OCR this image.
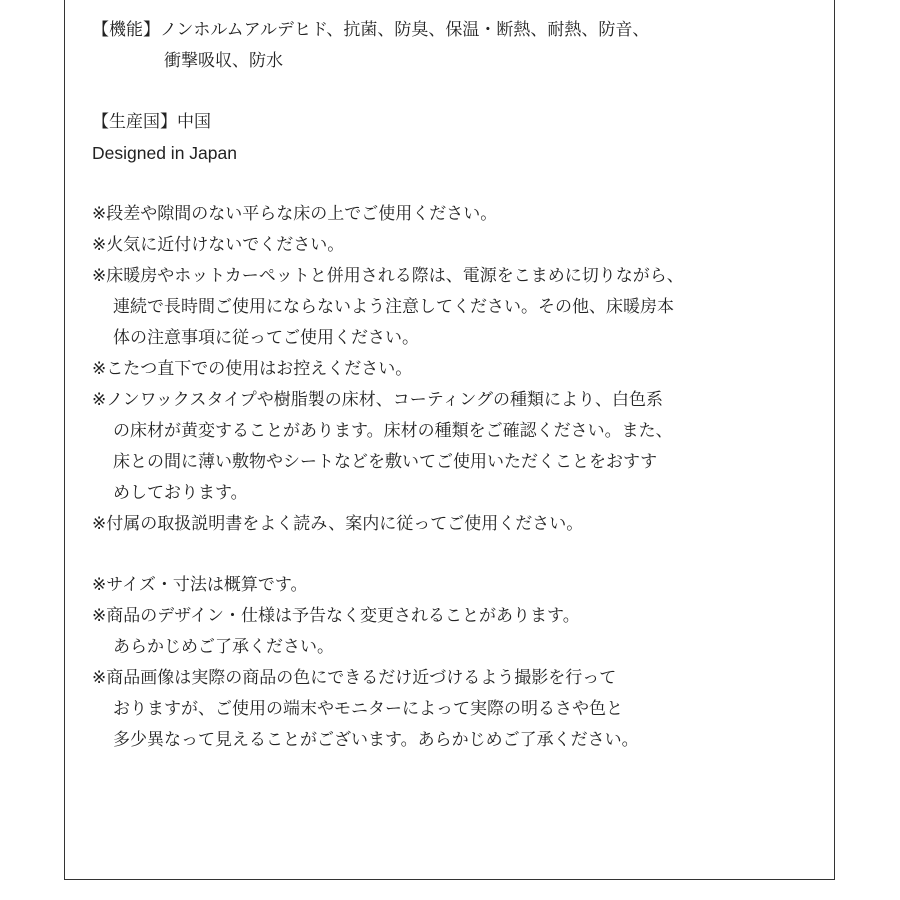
【機能】ノンホルムアルデヒド、抗菌、防臭、保温・断熱、耐熱、防音、
衝撃吸収、防水
【生産国】中国
Designed in Japan
※段差や隙間のない平らな床の上でご使用ください。
※火気に近付けないでください。
※床暖房やホットカーペットと併用される際は、電源をこまめに切りながら、
連続で長時間ご使用にならないよう注意してください。その他、床暖房本
体の注意事項に従ってご使用ください。
※こたつ直下での使用はお控えください。
※ノンワックスタイプや樹脂製の床材、コーティングの種類により、白色系
の床材が黄変することがあります。床材の種類をご確認ください。また、
床との間に薄い敷物やシートなどを敷いてご使用いただくことをおすす
めしております。
※付属の取扱説明書をよく読み、案内に従ってご使用ください。
※サイズ・寸法は概算です。
※商品のデザイン・仕様は予告なく変更されることがあります。
あらかじめご了承ください。
※商品画像は実際の商品の色にできるだけ近づけるよう撮影を行って
おりますが、ご使用の端末やモニターによって実際の明るさや色と
多少異なって見えることがございます。あらかじめご了承ください。
